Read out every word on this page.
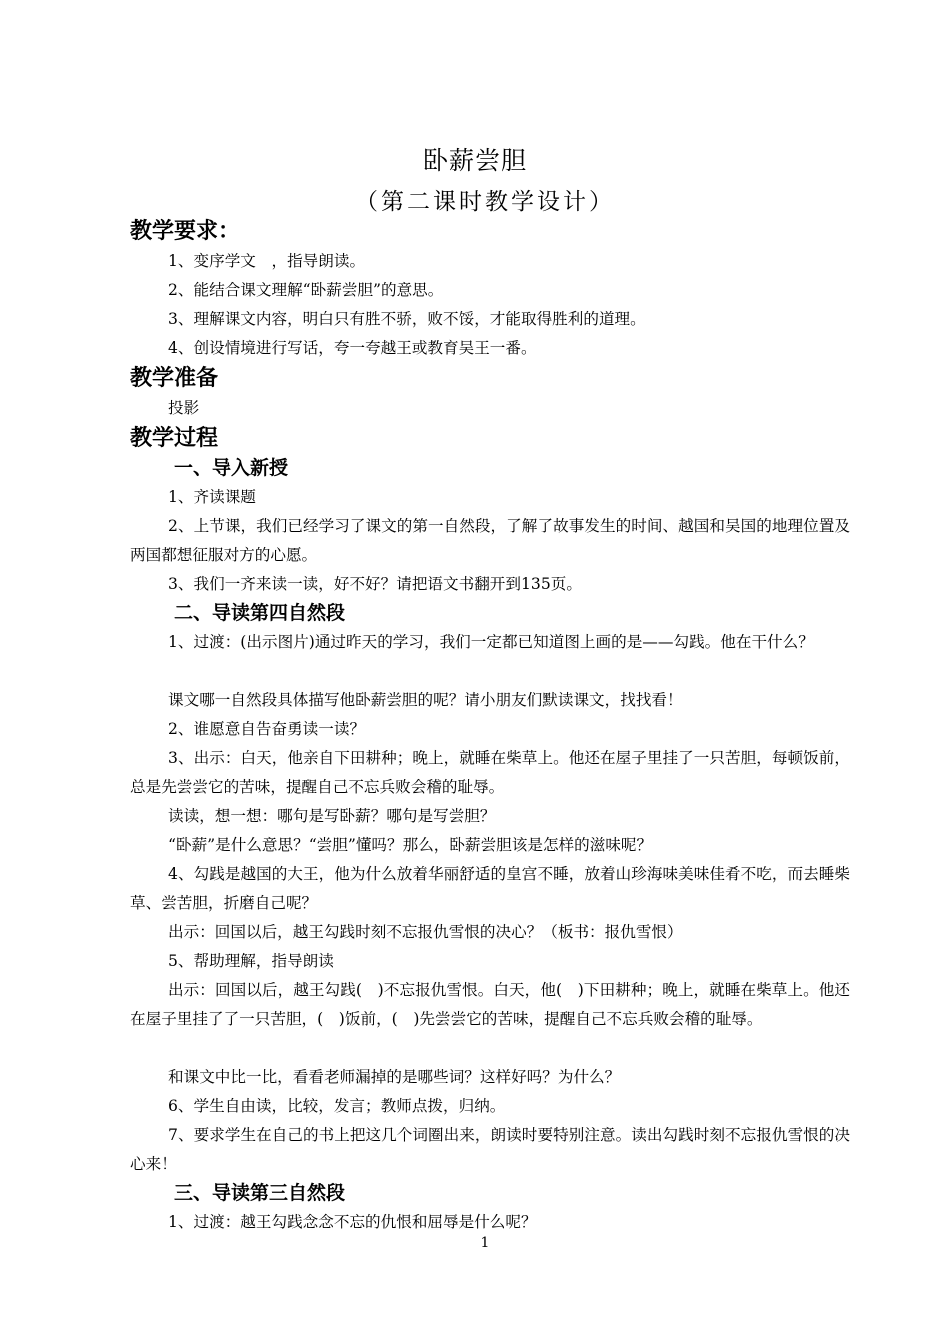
卧薪尝胆
（第二课时教学设计）
教学要求：
1、变序学文　，指导朗读。
2、能结合课文理解“卧薪尝胆”的意思。
3、理解课文内容，明白只有胜不骄，败不馁，才能取得胜利的道理。
4、创设情境进行写话，夸一夸越王或教育吴王一番。
教学准备
投影
教学过程
一、导入新授
1、齐读课题
2、上节课，我们已经学习了课文的第一自然段，了解了故事发生的时间、越国和吴国的地理位置及两国都想征服对方的心愿。
3、我们一齐来读一读，好不好？请把语文书翻开到135页。
二、导读第四自然段
1、过渡：(出示图片)通过昨天的学习，我们一定都已知道图上画的是——勾践。他在干什么？
课文哪一自然段具体描写他卧薪尝胆的呢？请小朋友们默读课文，找找看！
2、谁愿意自告奋勇读一读？
3、出示：白天，他亲自下田耕种；晚上，就睡在柴草上。他还在屋子里挂了一只苦胆，每顿饭前，总是先尝尝它的苦味，提醒自己不忘兵败会稽的耻辱。
读读，想一想：哪句是写卧薪？哪句是写尝胆？
“卧薪”是什么意思？“尝胆”懂吗？那么，卧薪尝胆该是怎样的滋味呢？
4、勾践是越国的大王，他为什么放着华丽舒适的皇宫不睡，放着山珍海味美味佳肴不吃，而去睡柴草、尝苦胆，折磨自己呢？
出示：回国以后，越王勾践时刻不忘报仇雪恨的决心？（板书：报仇雪恨）
5、帮助理解，指导朗读
出示：回国以后，越王勾践(　)不忘报仇雪恨。白天，他(　)下田耕种；晚上，就睡在柴草上。他还在屋子里挂了了一只苦胆，(　)饭前，(　)先尝尝它的苦味，提醒自己不忘兵败会稽的耻辱。
和课文中比一比，看看老师漏掉的是哪些词？这样好吗？为什么？
6、学生自由读，比较，发言；教师点拨，归纳。
7、要求学生在自己的书上把这几个词圈出来，朗读时要特别注意。读出勾践时刻不忘报仇雪恨的决心来！
三、导读第三自然段
1、过渡：越王勾践念念不忘的仇恨和屈辱是什么呢？
1
